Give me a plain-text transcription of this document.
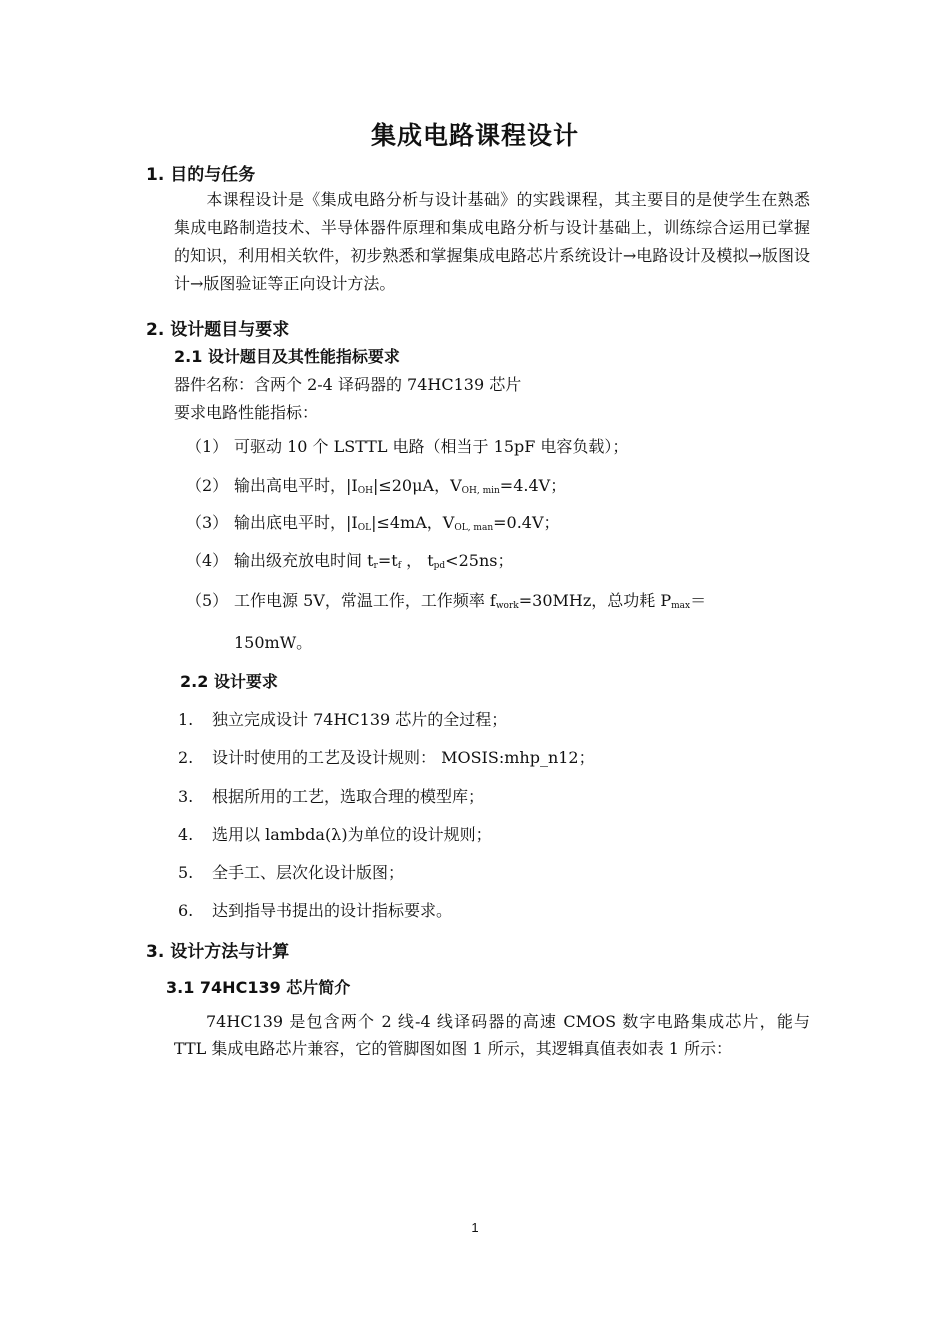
集成电路课程设计
1. 目的与任务
本课程设计是《集成电路分析与设计基础》的实践课程，其主要目的是使学生在熟悉集成电路制造技术、半导体器件原理和集成电路分析与设计基础上，训练综合运用已掌握的知识，利用相关软件，初步熟悉和掌握集成电路芯片系统设计→电路设计及模拟→版图设计→版图验证等正向设计方法。
2. 设计题目与要求
2.1 设计题目及其性能指标要求
器件名称：含两个 2-4 译码器的 74HC139 芯片
要求电路性能指标：
（1） 可驱动 10 个 LSTTL 电路（相当于 15pF 电容负载）；
（2） 输出高电平时，$|I_{OH}|\le 20\mu A$，$V_{OH, min}=4.4V$；
（3） 输出底电平时，$|I_{OL}|\le 4mA$，$V_{OL, man}=0.4V$；
（4） 输出级充放电时间 $t_r=t_f$ ， $t_{pd}<25ns$；
（5） 工作电源 5V，常温工作，工作频率 $f_{work}=30MHz$，总功耗 $P_{max}=$
150mW。
2.2 设计要求
1. 独立完成设计 74HC139 芯片的全过程；
2. 设计时使用的工艺及设计规则： MOSIS:mhp_n12；
3. 根据所用的工艺，选取合理的模型库；
4. 选用以 lambda(λ)为单位的设计规则；
5. 全手工、层次化设计版图；
6. 达到指导书提出的设计指标要求。
3. 设计方法与计算
3.1 74HC139 芯片简介
74HC139 是包含两个 2 线-4 线译码器的高速 CMOS 数字电路集成芯片，能与 TTL 集成电路芯片兼容，它的管脚图如图 1 所示，其逻辑真值表如表 1 所示：
1
